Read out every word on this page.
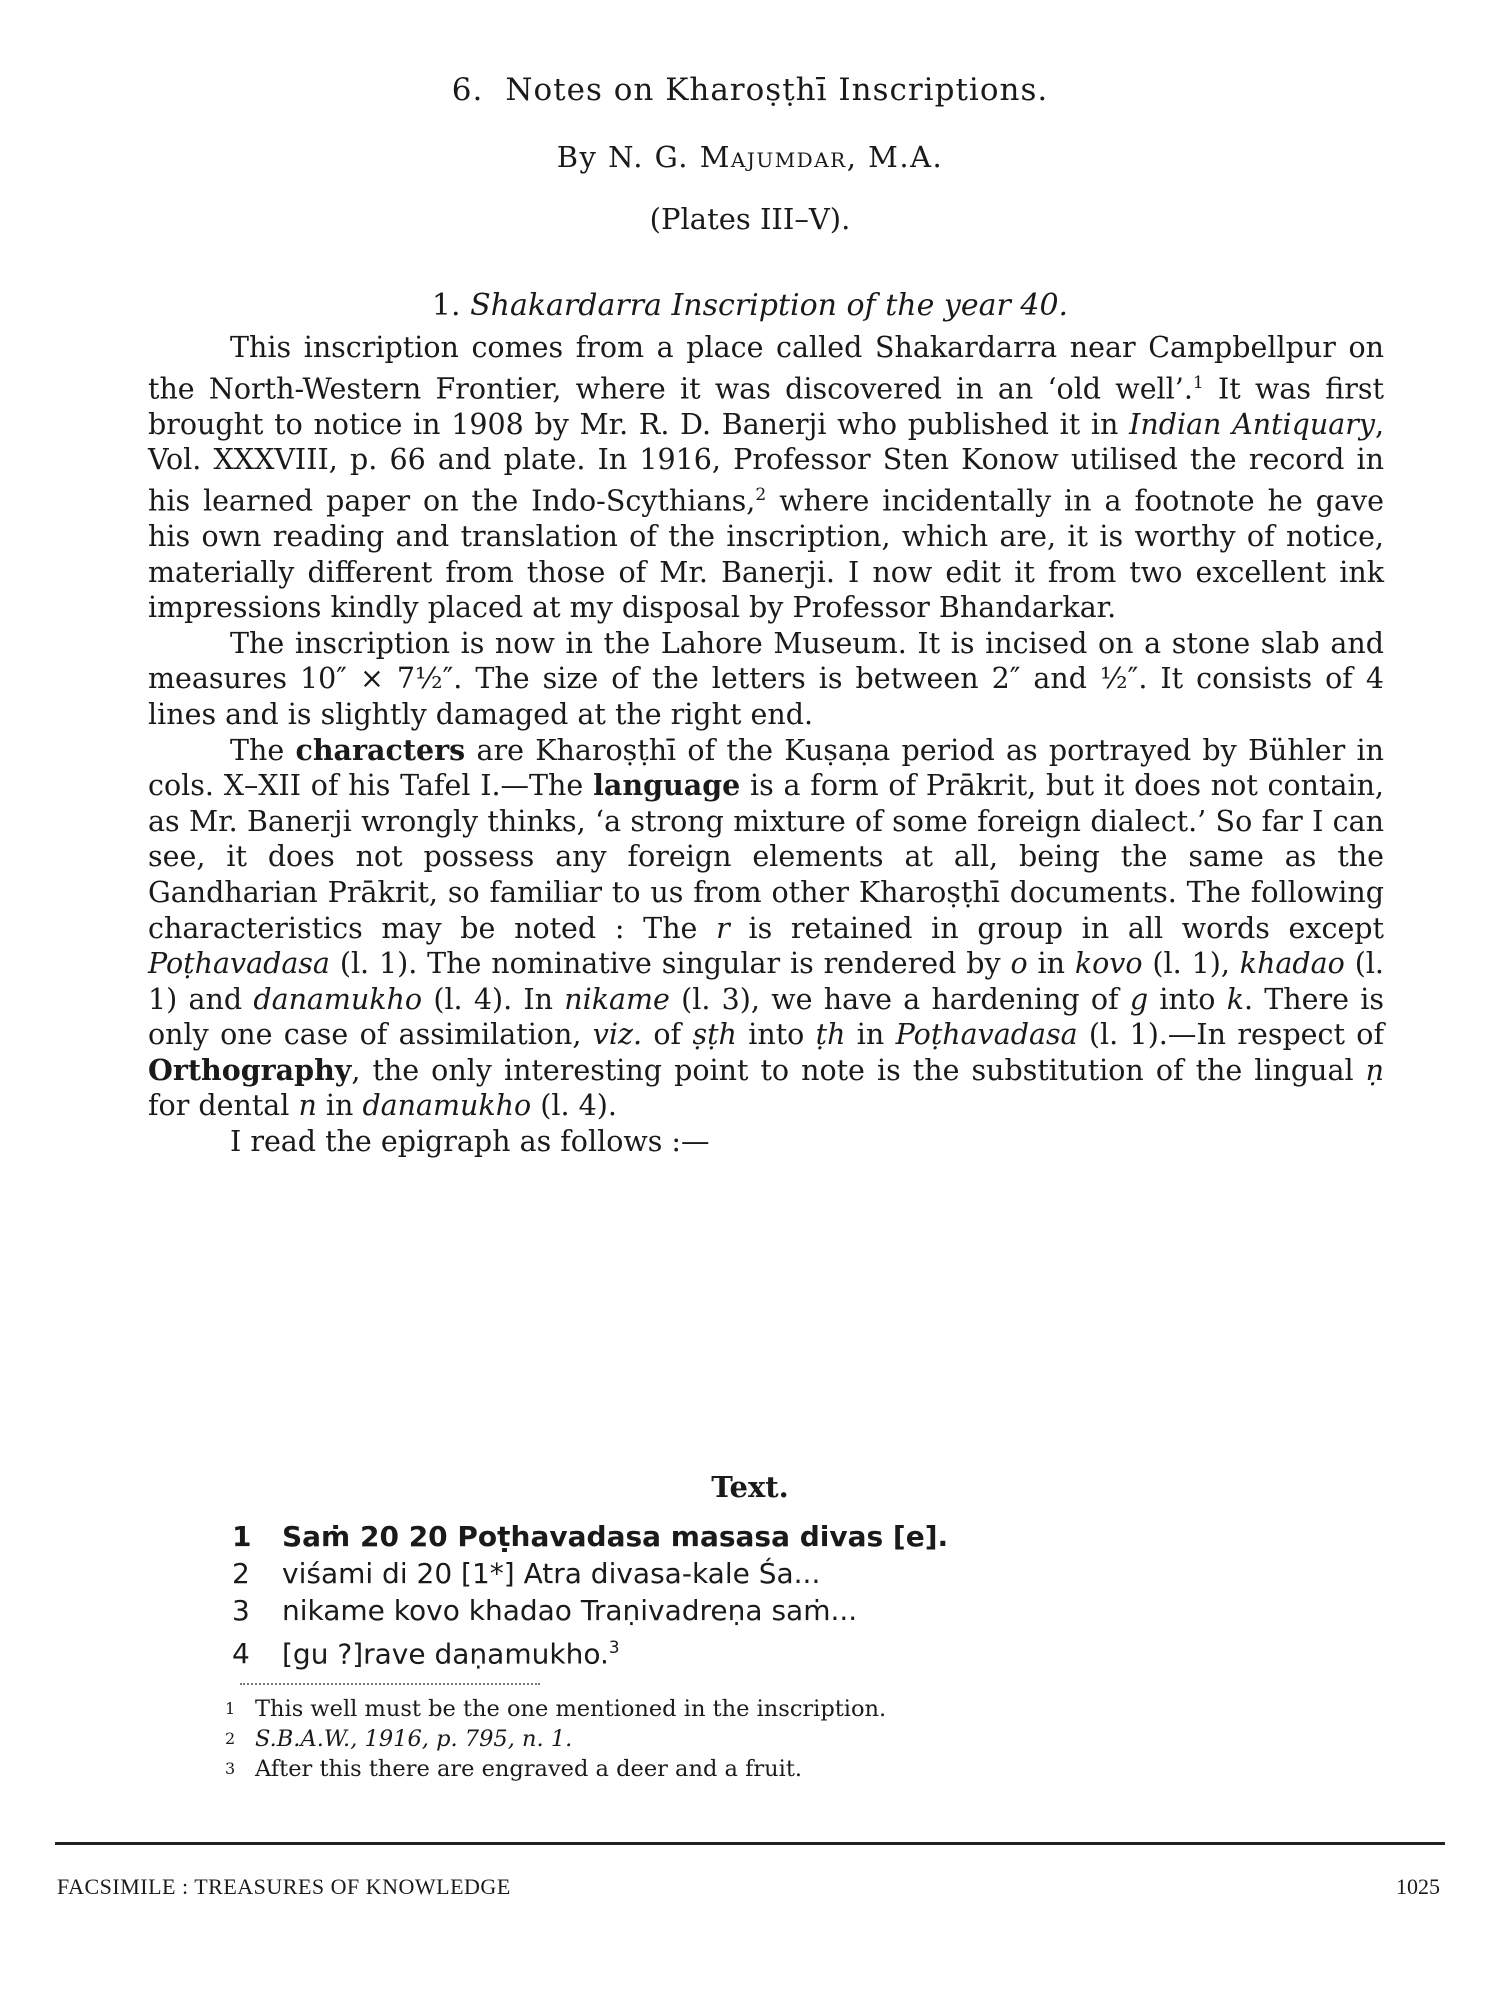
6. Notes on Kharoṣṭhī Inscriptions.
By N. G. Majumdar, M.A.
(Plates III–V).
1. Shakardarra Inscription of the year 40.

This inscription comes from a place called Shakardarra near Campbellpur on the North-Western Frontier, where it was discovered in an ‘old well’.$^1$ It was first brought to notice in 1908 by Mr. R. D. Banerji who published it in Indian Antiquary, Vol. XXXVIII, p. 66 and plate. In 1916, Professor Sten Konow utilised the record in his learned paper on the Indo-Scythians,$^2$ where incidentally in a footnote he gave his own reading and translation of the inscription, which are, it is worthy of notice, materially different from those of Mr. Banerji. I now edit it from two excellent ink impressions kindly placed at my disposal by Professor Bhandarkar.

The inscription is now in the Lahore Museum. It is incised on a stone slab and measures 10″ × 7½″. The size of the letters is between 2″ and ½″. It consists of 4 lines and is slightly damaged at the right end.

The characters are Kharoṣṭhī of the Kuṣaṇa period as portrayed by Bühler in cols. X–XII of his Tafel I.—The language is a form of Prākrit, but it does not contain, as Mr. Banerji wrongly thinks, ‘a strong mixture of some foreign dialect.’ So far I can see, it does not possess any foreign elements at all, being the same as the Gandharian Prākrit, so familiar to us from other Kharoṣṭhī documents. The following characteristics may be noted : The r is retained in group in all words except Poṭhavadasa (l. 1). The nominative singular is rendered by o in kovo (l. 1), khadao (l. 1) and danamukho (l. 4). In nikame (l. 3), we have a hardening of g into k. There is only one case of assimilation, viz. of ṣṭh into ṭh in Poṭhavadasa (l. 1).—In respect of Orthography, the only interesting point to note is the substitution of the lingual ṇ for dental n in danamukho (l. 4).

I read the epigraph as follows :—

Text.
1 Saṁ 20 20 Poṭhavadasa masasa divas [e].
2 viśami di 20 [1*] Atra divasa-kale Śa...
3 nikame kovo khadao Traṇivadreṇa saṁ...
4 [gu ?]rave daṇamukho.$^3$
1 This well must be the one mentioned in the inscription.
2 S.B.A.W., 1916, p. 795, n. 1.
3 After this there are engraved a deer and a fruit.
FACSIMILE : TREASURES OF KNOWLEDGE	1025
